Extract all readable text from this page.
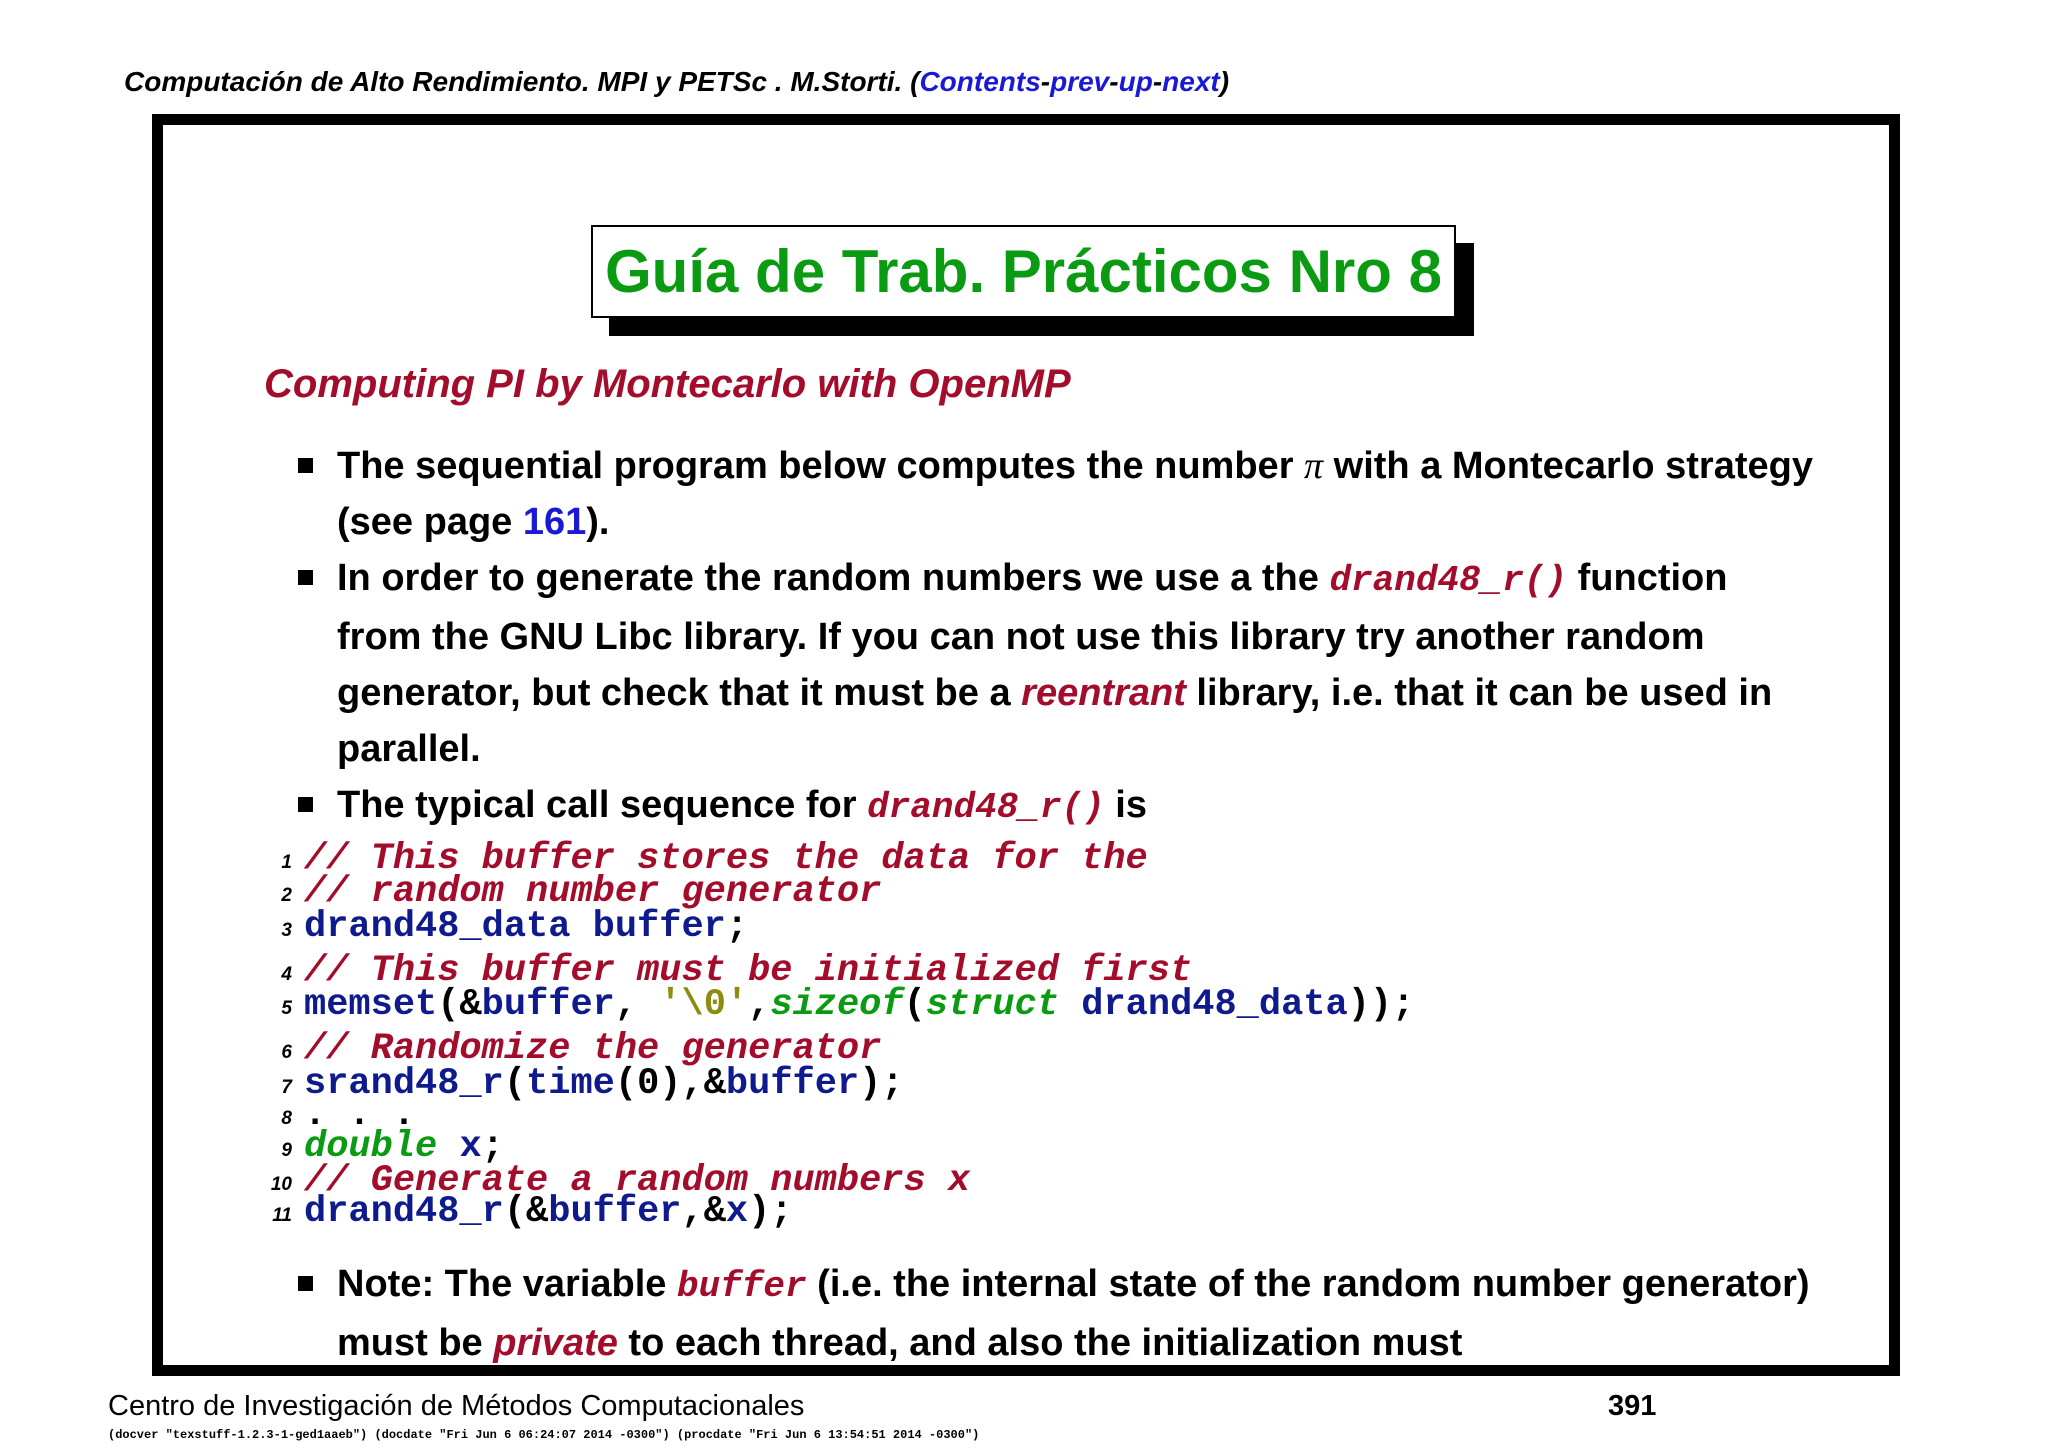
Computación de Alto Rendimiento. MPI y PETSc . M.Storti. (Contents-prev-up-next)
Guía de Trab. Prácticos Nro 8
Computing PI by Montecarlo with OpenMP
The sequential program below computes the number π with a Montecarlo strategy (see page 161).
In order to generate the random numbers we use a the drand48_r() function from the GNU Libc library. If you can not use this library try another random generator, but check that it must be a reentrant library, i.e. that it can be used in parallel.
The typical call sequence for drand48_r() is
1 // This buffer stores the data for the
2 // random number generator
3 drand48_data buffer;
4 // This buffer must be initialized first
5 memset(&buffer, '\0',sizeof(struct drand48_data));
6 // Randomize the generator
7 srand48_r(time(0),&buffer);
8 . . .
9 double x;
10 // Generate a random numbers x
11 drand48_r(&buffer,&x);
Note: The variable buffer (i.e. the internal state of the random number generator) must be private to each thread, and also the initialization must
Centro de Investigación de Métodos Computacionales	391
(docver "texstuff-1.2.3-1-ged1aaeb") (docdate "Fri Jun 6 06:24:07 2014 -0300") (procdate "Fri Jun 6 13:54:51 2014 -0300")
